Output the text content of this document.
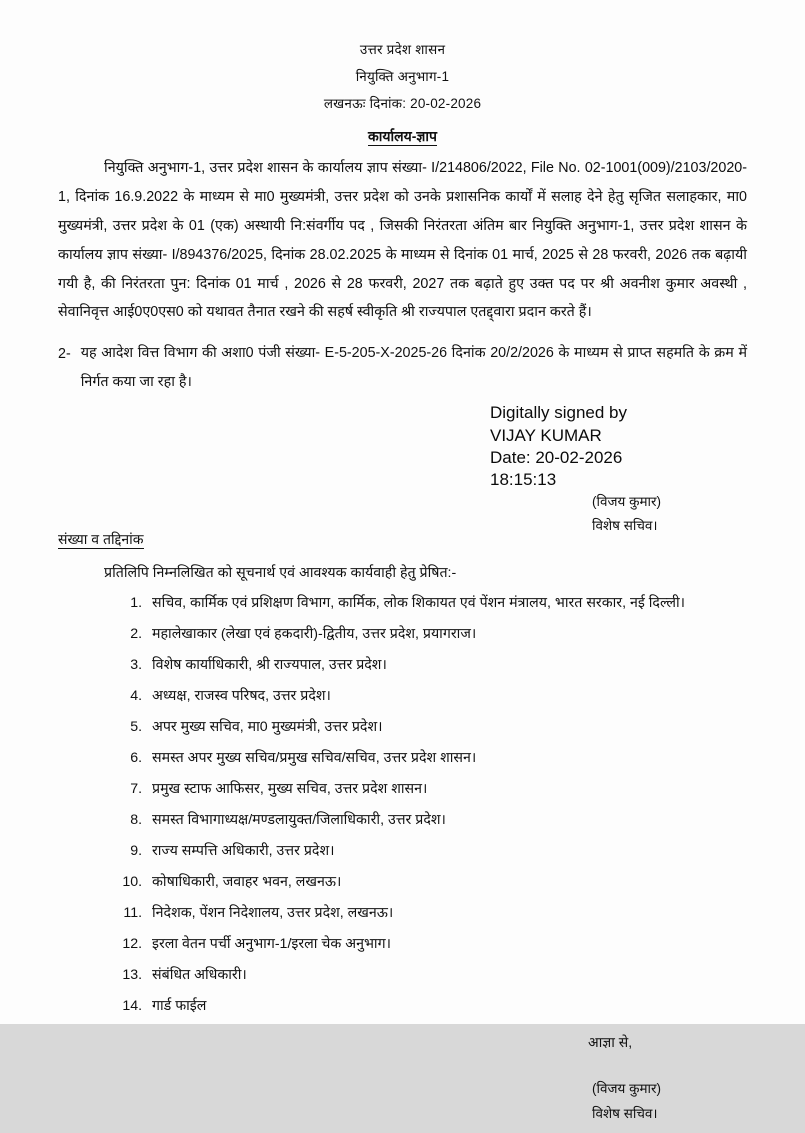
उत्तर प्रदेश शासन
नियुक्ति अनुभाग-1
लखनऊः दिनांक: 20-02-2026
कार्यालय-ज्ञाप

नियुक्ति अनुभाग-1, उत्तर प्रदेश शासन के कार्यालय ज्ञाप संख्या- I/214806/2022, File No. 02-1001(009)/2103/2020-1, दिनांक 16.9.2022 के माध्यम से मा0 मुख्यमंत्री, उत्तर प्रदेश को उनके प्रशासनिक कार्यों में सलाह देने हेतु सृजित सलाहकार, मा0 मुख्यमंत्री, उत्तर प्रदेश के 01 (एक) अस्थायी नि:संवर्गीय पद , जिसकी निरंतरता अंतिम बार नियुक्ति अनुभाग-1, उत्तर प्रदेश शासन के कार्यालय ज्ञाप संख्या- I/894376/2025, दिनांक 28.02.2025 के माध्यम से दिनांक 01 मार्च, 2025 से 28 फरवरी, 2026 तक बढ़ायी गयी है, की निरंतरता पुन: दिनांक 01 मार्च , 2026 से 28 फरवरी, 2027 तक बढ़ाते हुए उक्त पद पर श्री अवनीश कुमार अवस्थी , सेवानिवृत्त आई0ए0एस0 को यथावत तैनात रखने की सहर्ष स्वीकृति श्री राज्यपाल एतद्द्वारा प्रदान करते हैं।

2- यह आदेश वित्त विभाग की अशा0 पंजी संख्या- E-5-205-X-2025-26 दिनांक 20/2/2026 के माध्यम से प्राप्त सहमति के क्रम में निर्गत कया जा रहा है।
Digitally signed by
VIJAY KUMAR
Date: 20-02-2026
18:15:13
(विजय कुमार)
विशेष सचिव।
संख्या व तद्दिनांक
प्रतिलिपि निम्नलिखित को सूचनार्थ एवं आवश्यक कार्यवाही हेतु प्रेषित:-
1. सचिव, कार्मिक एवं प्रशिक्षण विभाग, कार्मिक, लोक शिकायत एवं पेंशन मंत्रालय, भारत सरकार, नई दिल्ली।
2. महालेखाकार (लेखा एवं हकदारी)-द्वितीय, उत्तर प्रदेश, प्रयागराज।
3. विशेष कार्याधिकारी, श्री राज्यपाल, उत्तर प्रदेश।
4. अध्यक्ष, राजस्व परिषद, उत्तर प्रदेश।
5. अपर मुख्य सचिव, मा0 मुख्यमंत्री, उत्तर प्रदेश।
6. समस्त अपर मुख्य सचिव/प्रमुख सचिव/सचिव, उत्तर प्रदेश शासन।
7. प्रमुख स्टाफ आफिसर, मुख्य सचिव, उत्तर प्रदेश शासन।
8. समस्त विभागाध्यक्ष/मण्डलायुक्त/जिलाधिकारी, उत्तर प्रदेश।
9. राज्य सम्पत्ति अधिकारी, उत्तर प्रदेश।
10. कोषाधिकारी, जवाहर भवन, लखनऊ।
11. निदेशक, पेंशन निदेशालय, उत्तर प्रदेश, लखनऊ।
12. इरला वेतन पर्ची अनुभाग-1/इरला चेक अनुभाग।
13. संबंधित अधिकारी।
14. गार्ड फाईल
आज्ञा से,
(विजय कुमार)
विशेष सचिव।
